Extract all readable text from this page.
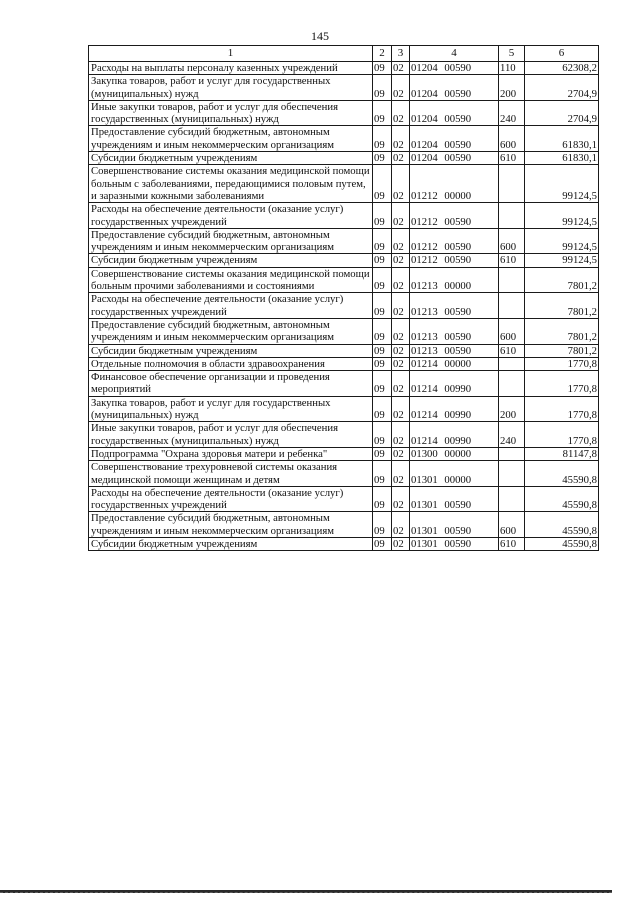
145
1	2	3	4	5	6
Расходы на выплаты персоналу казенных учреждений	09	02	01204 00590	110	62308,2
Закупка товаров, работ и услуг для государственных (муниципальных) нужд	09	02	01204 00590	200	2704,9
Иные закупки товаров, работ и услуг для обеспечения государственных (муниципальных) нужд	09	02	01204 00590	240	2704,9
Предоставление субсидий бюджетным, автономным учреждениям и иным некоммерческим организациям	09	02	01204 00590	600	61830,1
Субсидии бюджетным учреждениям	09	02	01204 00590	610	61830,1
Совершенствование системы оказания медицинской помощи больным с заболеваниями, передающимися половым путем, и заразными кожными заболеваниями	09	02	01212 00000		99124,5
Расходы на обеспечение деятельности (оказание услуг) государственных учреждений	09	02	01212 00590		99124,5
Предоставление субсидий бюджетным, автономным учреждениям и иным некоммерческим организациям	09	02	01212 00590	600	99124,5
Субсидии бюджетным учреждениям	09	02	01212 00590	610	99124,5
Совершенствование системы оказания медицинской помощи больным прочими заболеваниями и состояниями	09	02	01213 00000		7801,2
Расходы на обеспечение деятельности (оказание услуг) государственных учреждений	09	02	01213 00590		7801,2
Предоставление субсидий бюджетным, автономным учреждениям и иным некоммерческим организациям	09	02	01213 00590	600	7801,2
Субсидии бюджетным учреждениям	09	02	01213 00590	610	7801,2
Отдельные полномочия в области здравоохранения	09	02	01214 00000		1770,8
Финансовое обеспечение организации и проведения мероприятий	09	02	01214 00990		1770,8
Закупка товаров, работ и услуг для государственных (муниципальных) нужд	09	02	01214 00990	200	1770,8
Иные закупки товаров, работ и услуг для обеспечения государственных (муниципальных) нужд	09	02	01214 00990	240	1770,8
Подпрограмма "Охрана здоровья матери и ребенка"	09	02	01300 00000		81147,8
Совершенствование трехуровневой системы оказания медицинской помощи женщинам и детям	09	02	01301 00000		45590,8
Расходы на обеспечение деятельности (оказание услуг) государственных учреждений	09	02	01301 00590		45590,8
Предоставление субсидий бюджетным, автономным учреждениям и иным некоммерческим организациям	09	02	01301 00590	600	45590,8
Субсидии бюджетным учреждениям	09	02	01301 00590	610	45590,8
